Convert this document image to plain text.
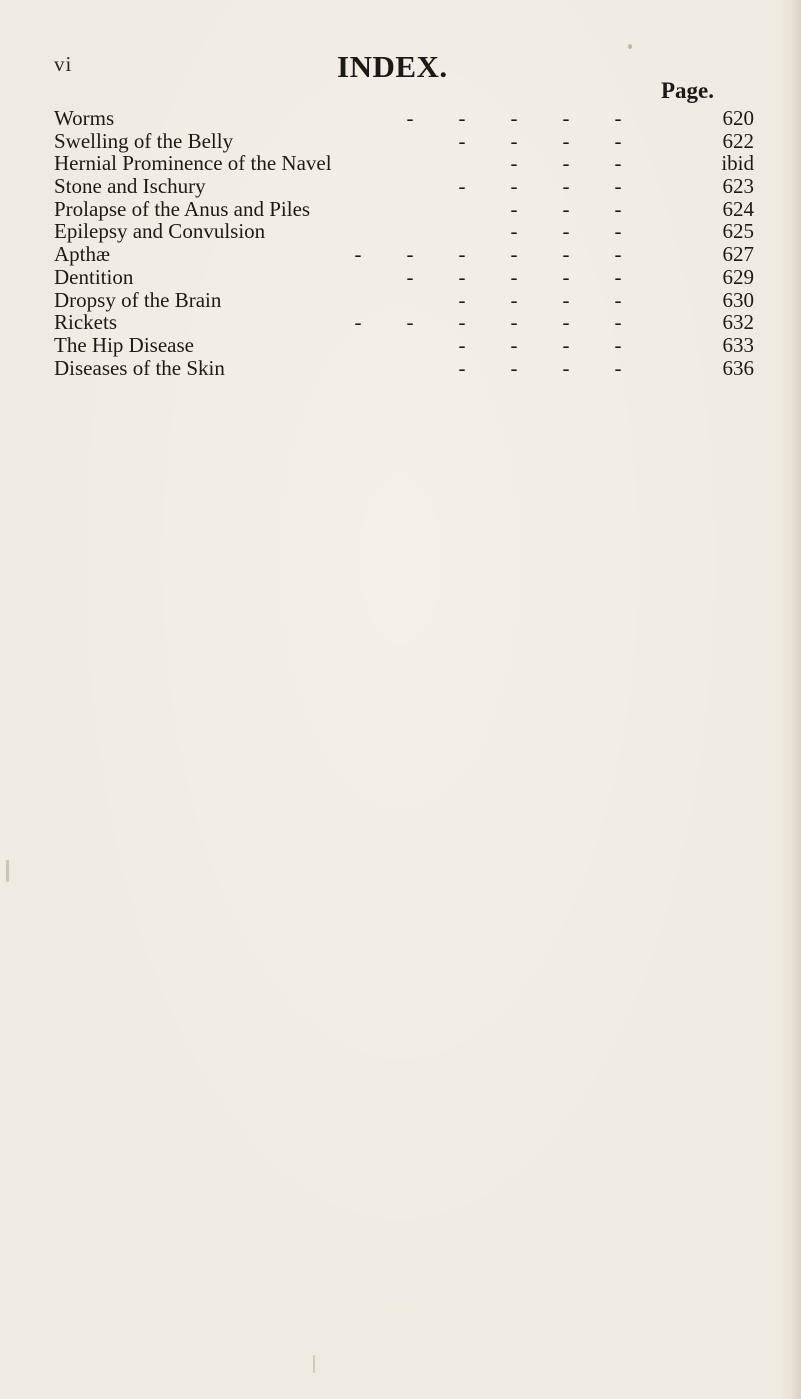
vi	INDEX.
Page.
Worms	- - - - -	620
Swelling of the Belly	- - - -	622
Hernial Prominence of the Navel	- - -	ibid
Stone and Ischury	- - - -	623
Prolapse of the Anus and Piles	- - -	624
Epilepsy and Convulsion	- - -	625
Apthæ	- - - - - -	627
Dentition	- - - - -	629
Dropsy of the Brain	- - - -	630
Rickets	- - - - - -	632
The Hip Disease	- - - -	633
Diseases of the Skin	- - - -	636
